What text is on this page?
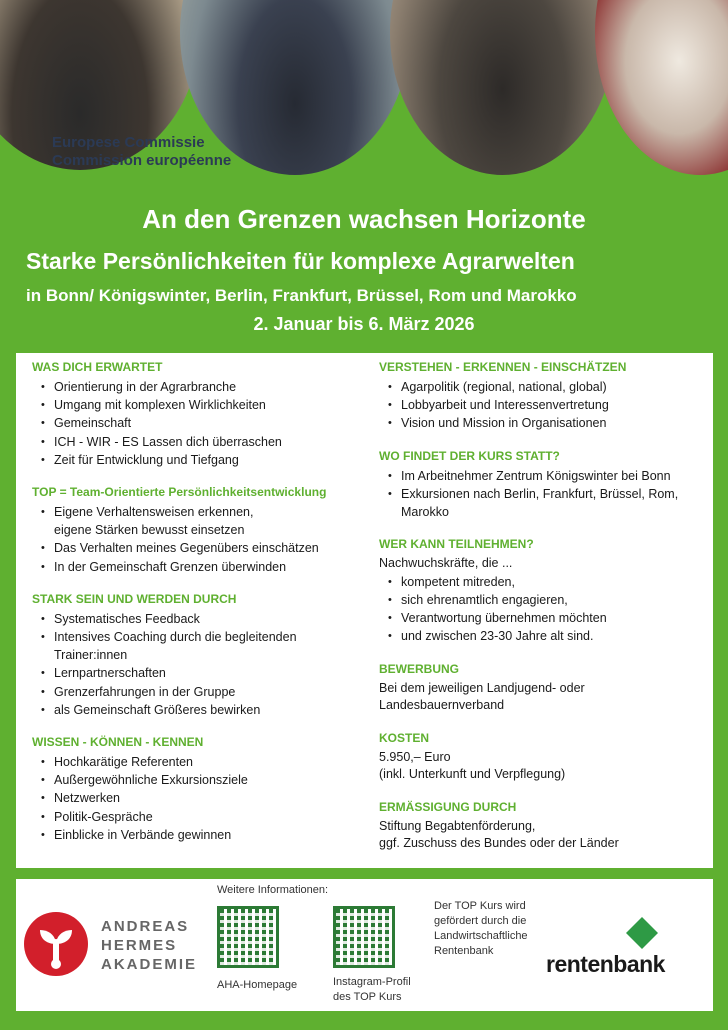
Europese Commissie
Commission européenne
An den Grenzen wachsen Horizonte
Starke Persönlichkeiten für komplexe Agrarwelten
in Bonn/ Königswinter, Berlin, Frankfurt, Brüssel, Rom und Marokko
2. Januar bis 6. März 2026
WAS DICH ERWARTET
• Orientierung in der Agrarbranche
• Umgang mit komplexen Wirklichkeiten
• Gemeinschaft
• ICH - WIR - ES Lassen dich überraschen
• Zeit für Entwicklung und Tiefgang
TOP = Team-Orientierte Persönlichkeitsentwicklung
• Eigene Verhaltensweisen erkennen,
eigene Stärken bewusst einsetzen
• Das Verhalten meines Gegenübers einschätzen
• In der Gemeinschaft Grenzen überwinden
STARK SEIN UND WERDEN DURCH
• Systematisches Feedback
• Intensives Coaching durch die begleitenden
Trainer:innen
• Lernpartnerschaften
• Grenzerfahrungen in der Gruppe
• als Gemeinschaft Größeres bewirken
WISSEN - KÖNNEN - KENNEN
• Hochkarätige Referenten
• Außergewöhnliche Exkursionsziele
• Netzwerken
• Politik-Gespräche
• Einblicke in Verbände gewinnen
VERSTEHEN - ERKENNEN - EINSCHÄTZEN
• Agarpolitik (regional, national, global)
• Lobbyarbeit und Interessenvertretung
• Vision und Mission in Organisationen
WO FINDET DER KURS STATT?
• Im Arbeitnehmer Zentrum Königswinter bei Bonn
• Exkursionen nach Berlin, Frankfurt, Brüssel, Rom,
Marokko
WER KANN TEILNEHMEN?

Nachwuchskräfte, die ...

• kompetent mitreden,
• sich ehrenamtlich engagieren,
• Verantwortung übernehmen möchten
• und zwischen 23-30 Jahre alt sind.
BEWERBUNG

Bei dem jeweiligen Landjugend- oder

Landesbauernverband

KOSTEN

5.950,– Euro

(inkl. Unterkunft und Verpflegung)

ERMÄSSIGUNG DURCH

Stiftung Begabtenförderung,

ggf. Zuschuss des Bundes oder der Länder

ANDREAS
HERMES
AKADEMIE
Weitere Informationen:
AHA-Homepage	Instagram-Profil
des TOP Kurs
Der TOP Kurs wird
gefördert durch die
Landwirtschaftliche
Rentenbank	rentenbank
